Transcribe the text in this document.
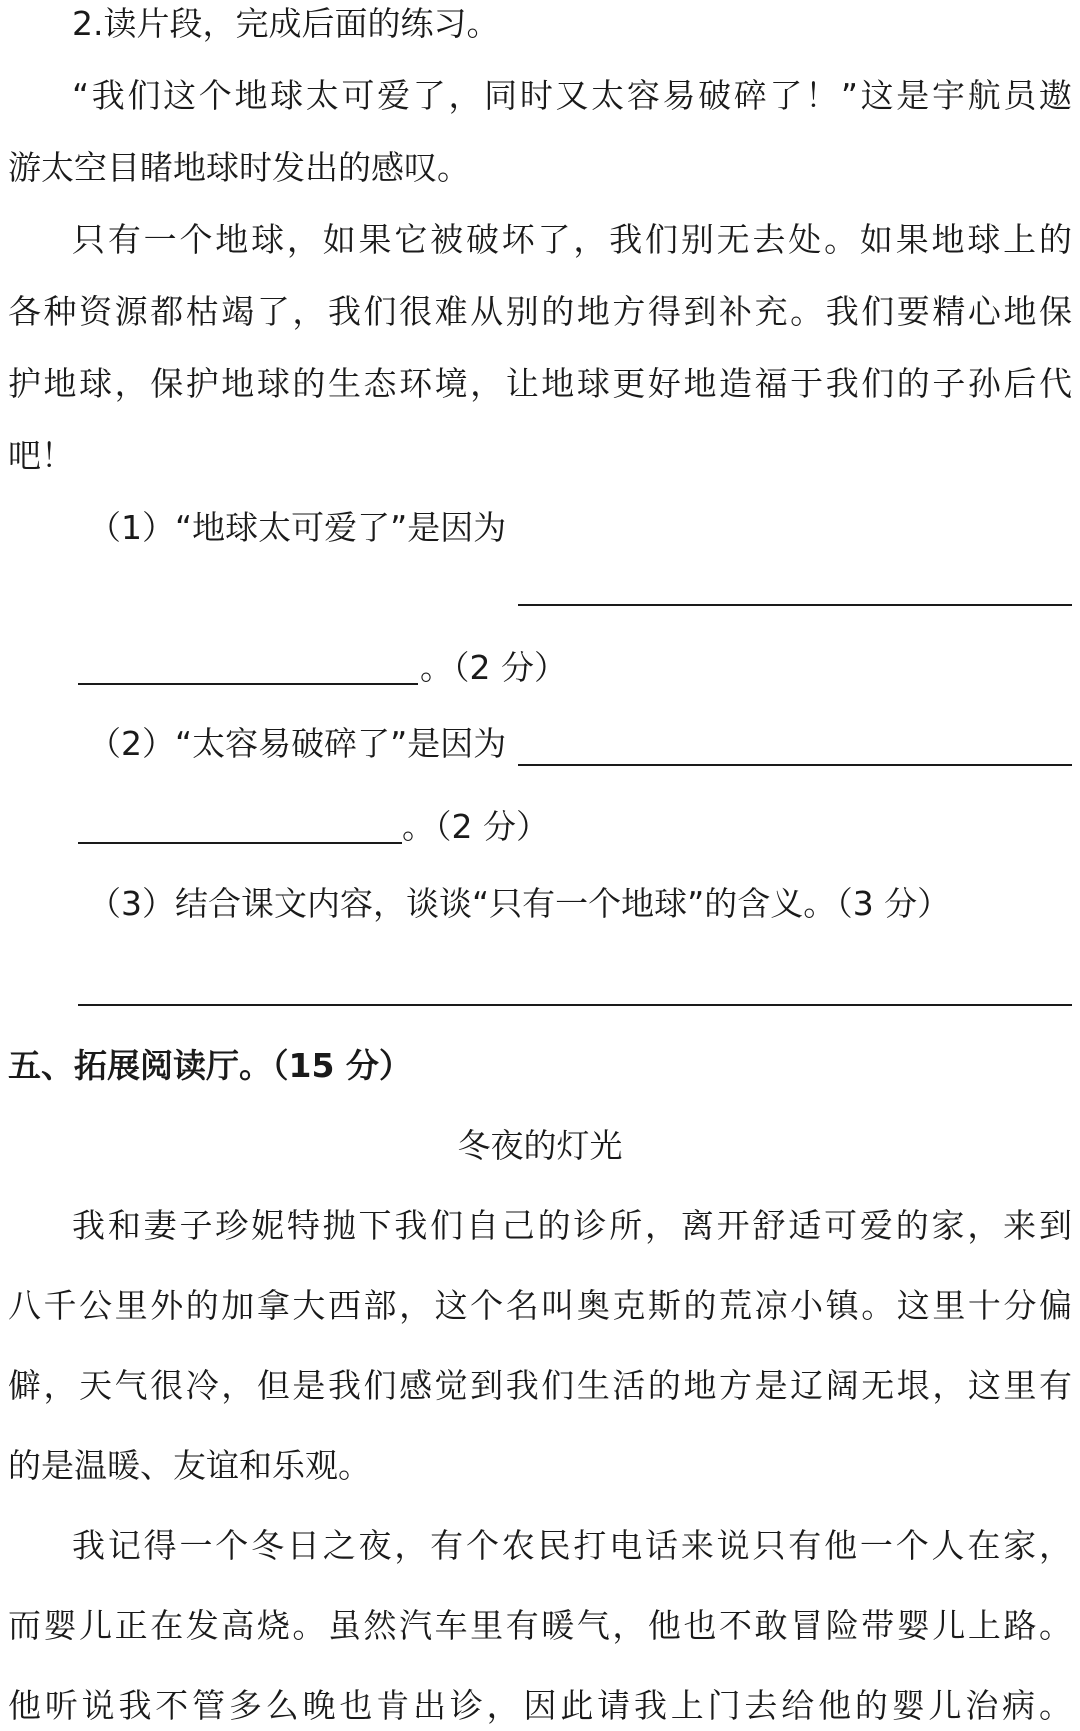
2.读片段，完成后面的练习。
“我们这个地球太可爱了，同时又太容易破碎了！”这是宇航员遨
游太空目睹地球时发出的感叹。
只有一个地球，如果它被破坏了，我们别无去处。如果地球上的
各种资源都枯竭了，我们很难从别的地方得到补充。我们要精心地保
护地球，保护地球的生态环境，让地球更好地造福于我们的子孙后代
吧！
（1）“地球太可爱了”是因为
。（2 分）
（2）“太容易破碎了”是因为
。（2 分）
（3）结合课文内容，谈谈“只有一个地球”的含义。（3 分）
五、拓展阅读厅。（15 分）
冬夜的灯光
我和妻子珍妮特抛下我们自己的诊所，离开舒适可爱的家，来到
八千公里外的加拿大西部，这个名叫奥克斯的荒凉小镇。这里十分偏
僻，天气很冷，但是我们感觉到我们生活的地方是辽阔无垠，这里有
的是温暖、友谊和乐观。
我记得一个冬日之夜，有个农民打电话来说只有他一个人在家，
而婴儿正在发高烧。虽然汽车里有暖气，他也不敢冒险带婴儿上路。
他听说我不管多么晚也肯出诊，因此请我上门去给他的婴儿治病。
